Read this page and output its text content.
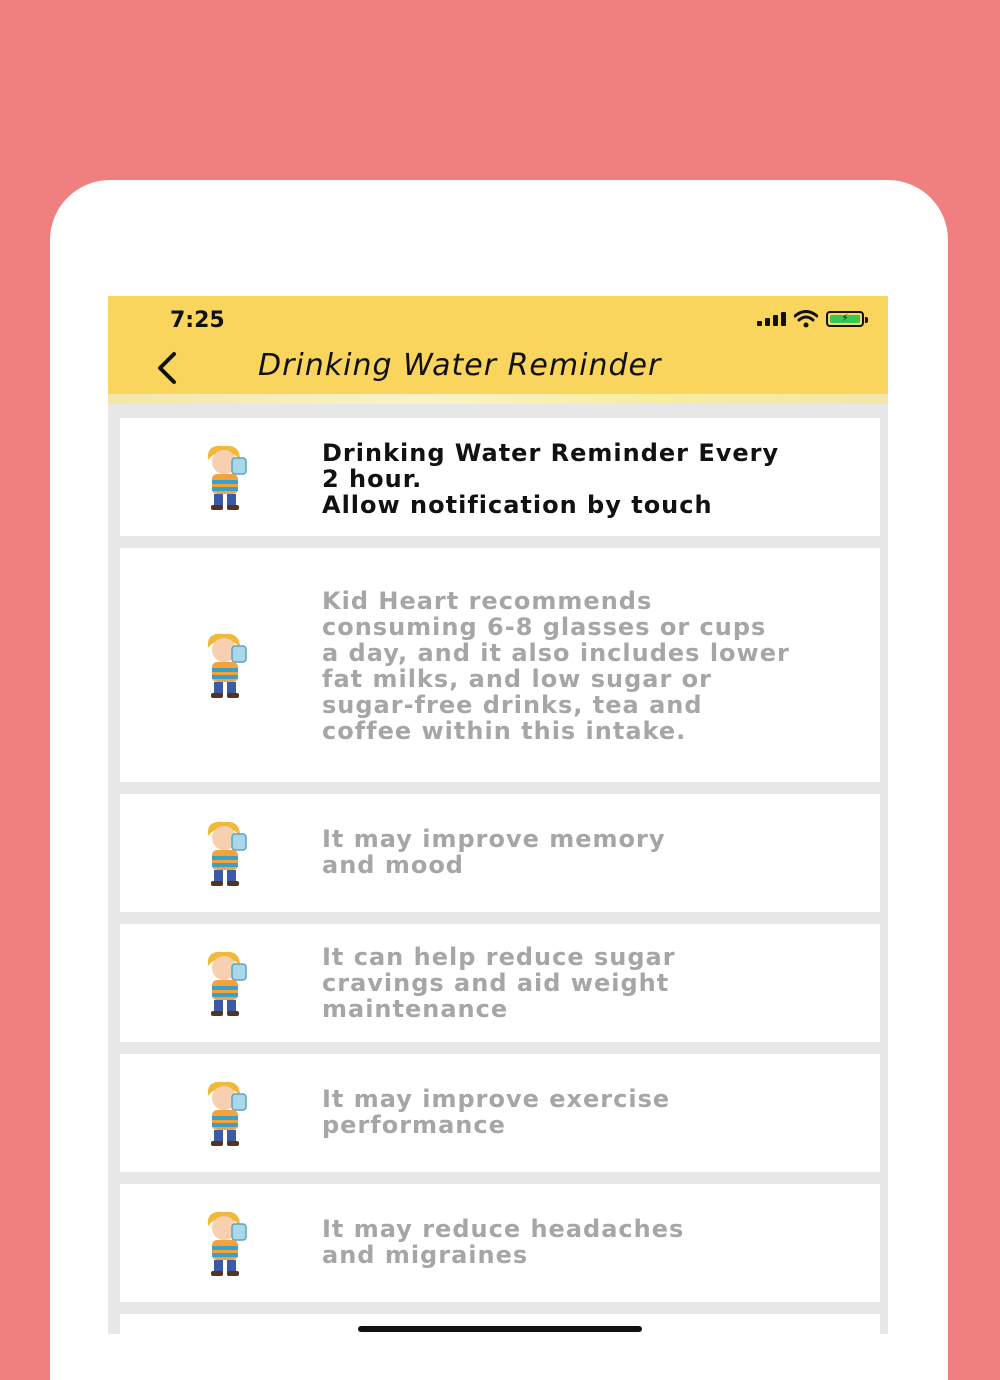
7:25	⚡
Drinking Water Reminder
Drinking Water Reminder Every
2 hour.
Allow notification by touch
Kid Heart recommends
consuming 6-8 glasses or cups
a day, and it also includes lower
fat milks, and low sugar or
sugar-free drinks, tea and
coffee within this intake.
It may improve memory
and mood
It can help reduce sugar
cravings and aid weight
maintenance
It may improve exercise
performance
It may reduce headaches
and migraines
